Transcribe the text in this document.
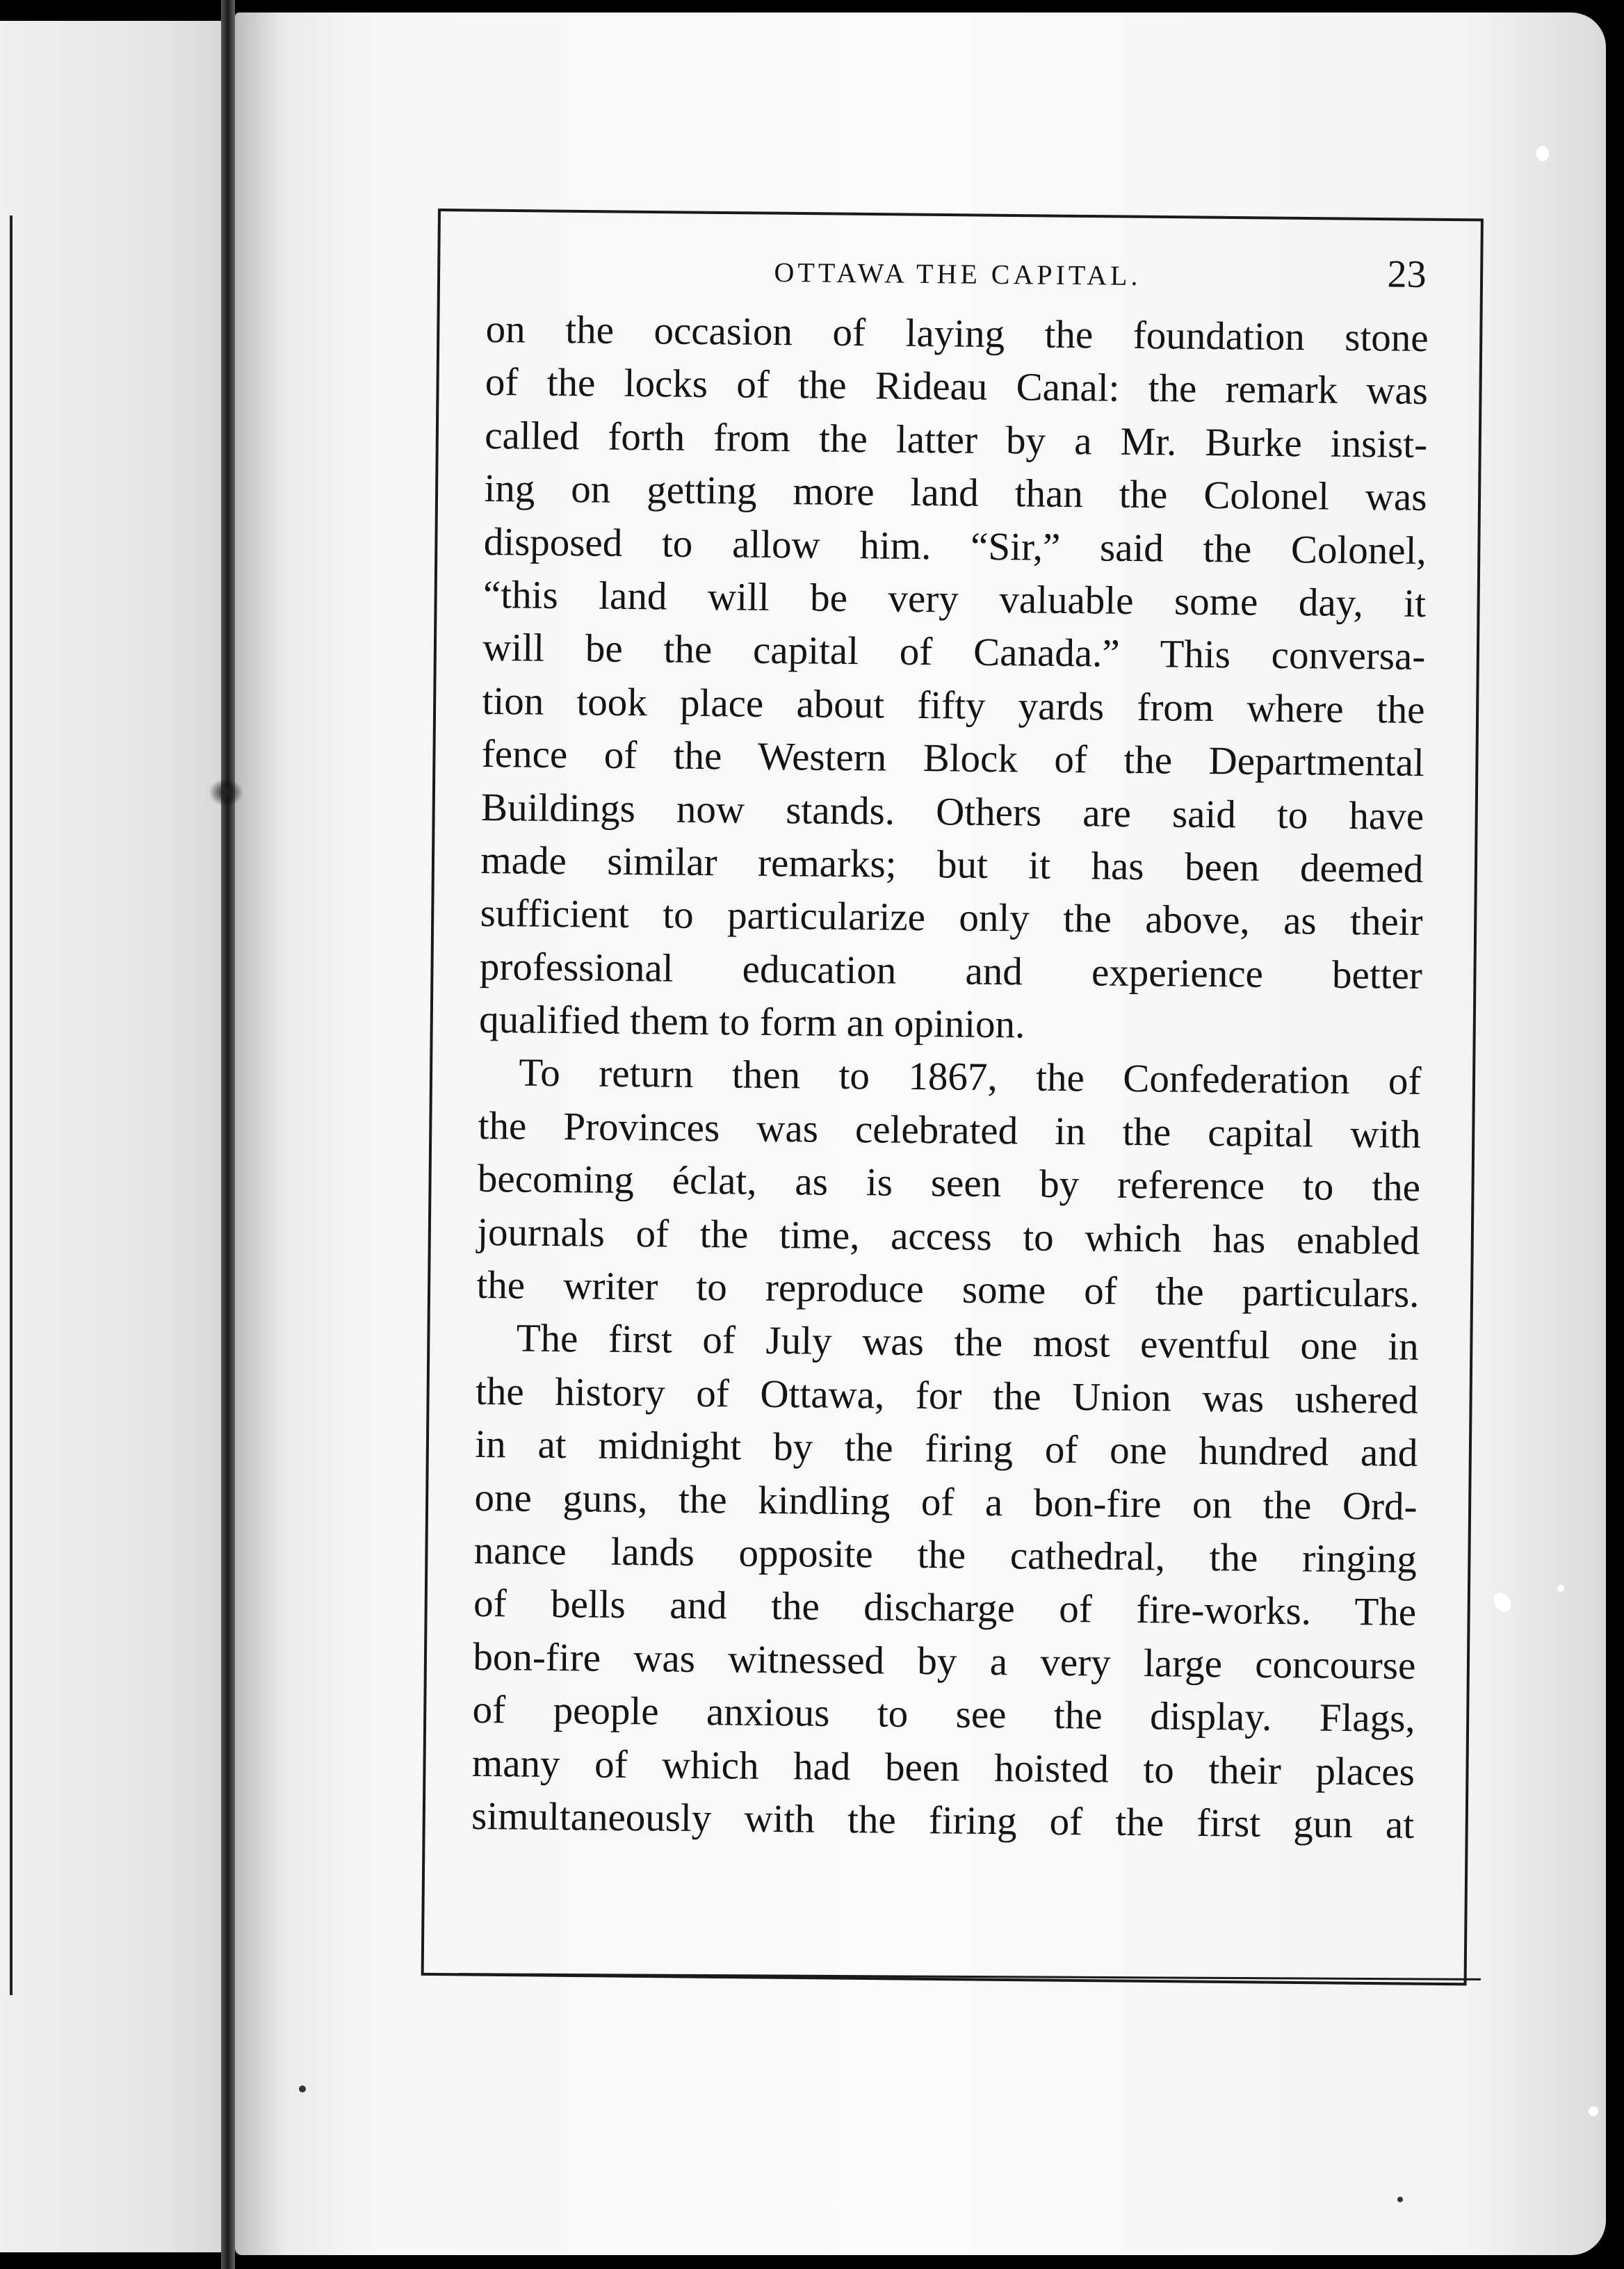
OTTAWA THE CAPITAL.	23
on the occasion of laying the foundation stone
of the locks of the Rideau Canal: the remark was
called forth from the latter by a Mr. Burke insist-
ing on getting more land than the Colonel was
disposed to allow him. “Sir,” said the Colonel,
“this land will be very valuable some day, it
will be the capital of Canada.” This conversa-
tion took place about fifty yards from where the
fence of the Western Block of the Departmental
Buildings now stands. Others are said to have
made similar remarks; but it has been deemed
sufficient to particularize only the above, as their
professional education and experience better
qualified them to form an opinion.
To return then to 1867, the Confederation of
the Provinces was celebrated in the capital with
becoming éclat, as is seen by reference to the
journals of the time, access to which has enabled
the writer to reproduce some of the particulars.
The first of July was the most eventful one in
the history of Ottawa, for the Union was ushered
in at midnight by the firing of one hundred and
one guns, the kindling of a bon-fire on the Ord-
nance lands opposite the cathedral, the ringing
of bells and the discharge of fire-works. The
bon-fire was witnessed by a very large concourse
of people anxious to see the display. Flags,
many of which had been hoisted to their places
simultaneously with the firing of the first gun at
